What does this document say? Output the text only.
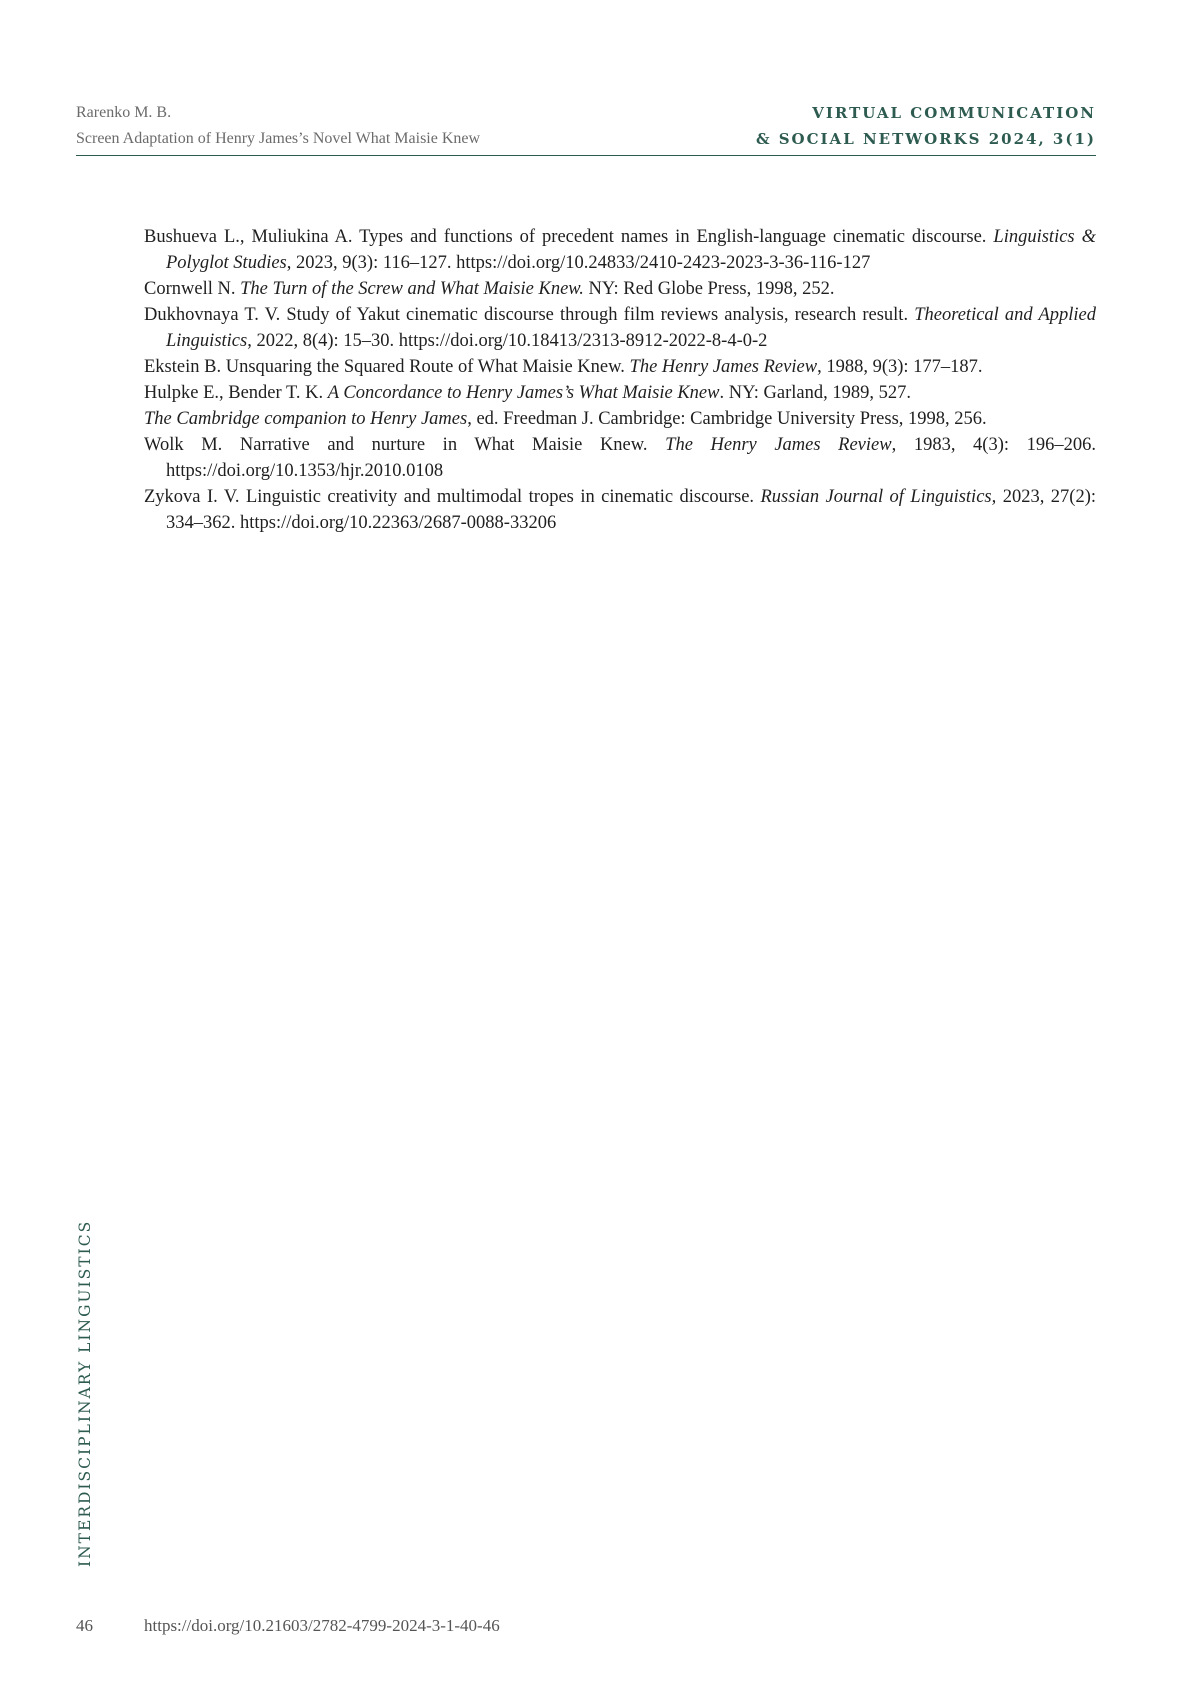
Rarenko M. B.
Screen Adaptation of Henry James’s Novel What Maisie Knew
VIRTUAL COMMUNICATION
& SOCIAL NETWORKS 2024, 3(1)

Bushueva L., Muliukina A. Types and functions of precedent names in English-language cinematic discourse. Linguistics & Polyglot Studies, 2023, 9(3): 116–127. https://doi.org/10.24833/2410-2423-2023-3-36-116-127

Cornwell N. The Turn of the Screw and What Maisie Knew. NY: Red Globe Press, 1998, 252.

Dukhovnaya T. V. Study of Yakut cinematic discourse through film reviews analysis, research result. Theoretical and Applied Linguistics, 2022, 8(4): 15–30. https://doi.org/10.18413/2313-8912-2022-8-4-0-2

Ekstein B. Unsquaring the Squared Route of What Maisie Knew. The Henry James Review, 1988, 9(3): 177–187.

Hulpke E., Bender T. K. A Concordance to Henry James’s What Maisie Knew. NY: Garland, 1989, 527.

The Cambridge companion to Henry James, ed. Freedman J. Cambridge: Cambridge University Press, 1998, 256.

Wolk M. Narrative and nurture in What Maisie Knew. The Henry James Review, 1983, 4(3): 196–206. https://doi.org/10.1353/hjr.2010.0108

Zykova I. V. Linguistic creativity and multimodal tropes in cinematic discourse. Russian Journal of Linguistics, 2023, 27(2): 334–362. https://doi.org/10.22363/2687-0088-33206

INTERDISCIPLINARY LINGUISTICS
46	https://doi.org/10.21603/2782-4799-2024-3-1-40-46
